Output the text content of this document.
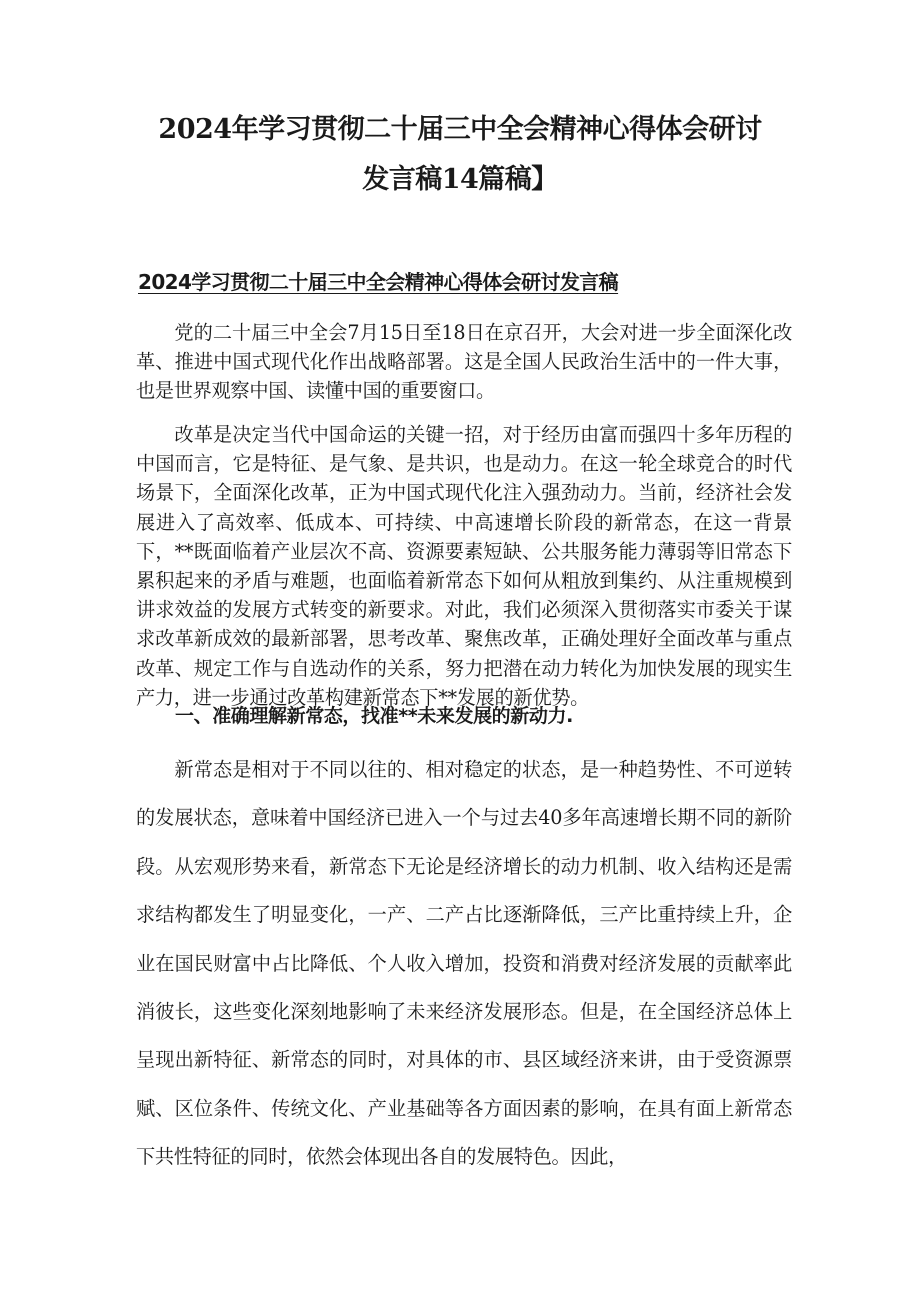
2024年学习贯彻二十届三中全会精神心得体会研讨
发言稿14篇稿】
2024学习贯彻二十届三中全会精神心得体会研讨发言稿

党的二十届三中全会7月15日至18日在京召开，大会对进一步全面深化改革、推进中国式现代化作出战略部署。这是全国人民政治生活中的一件大事，也是世界观察中国、读懂中国的重要窗口。

改革是决定当代中国命运的关键一招，对于经历由富而强四十多年历程的中国而言，它是特征、是气象、是共识，也是动力。在这一轮全球竞合的时代场景下，全面深化改革，正为中国式现代化注入强劲动力。当前，经济社会发展进入了高效率、低成本、可持续、中高速增长阶段的新常态，在这一背景下，**既面临着产业层次不高、资源要素短缺、公共服务能力薄弱等旧常态下累积起来的矛盾与难题，也面临着新常态下如何从粗放到集约、从注重规模到讲求效益的发展方式转变的新要求。对此，我们必须深入贯彻落实市委关于谋求改革新成效的最新部署，思考改革、聚焦改革，正确处理好全面改革与重点改革、规定工作与自选动作的关系，努力把潜在动力转化为加快发展的现实生产力，进一步通过改革构建新常态下**发展的新优势。

一、准确理解新常态，找准**未来发展的新动力.

新常态是相对于不同以往的、相对稳定的状态，是一种趋势性、不可逆转的发展状态，意味着中国经济已进入一个与过去40多年高速增长期不同的新阶段。从宏观形势来看，新常态下无论是经济增长的动力机制、收入结构还是需求结构都发生了明显变化，一产、二产占比逐渐降低，三产比重持续上升，企业在国民财富中占比降低、个人收入增加，投资和消费对经济发展的贡献率此消彼长，这些变化深刻地影响了未来经济发展形态。但是，在全国经济总体上呈现出新特征、新常态的同时，对具体的市、县区域经济来讲，由于受资源票赋、区位条件、传统文化、产业基础等各方面因素的影响，在具有面上新常态下共性特征的同时，依然会体现出各自的发展特色。因此，
